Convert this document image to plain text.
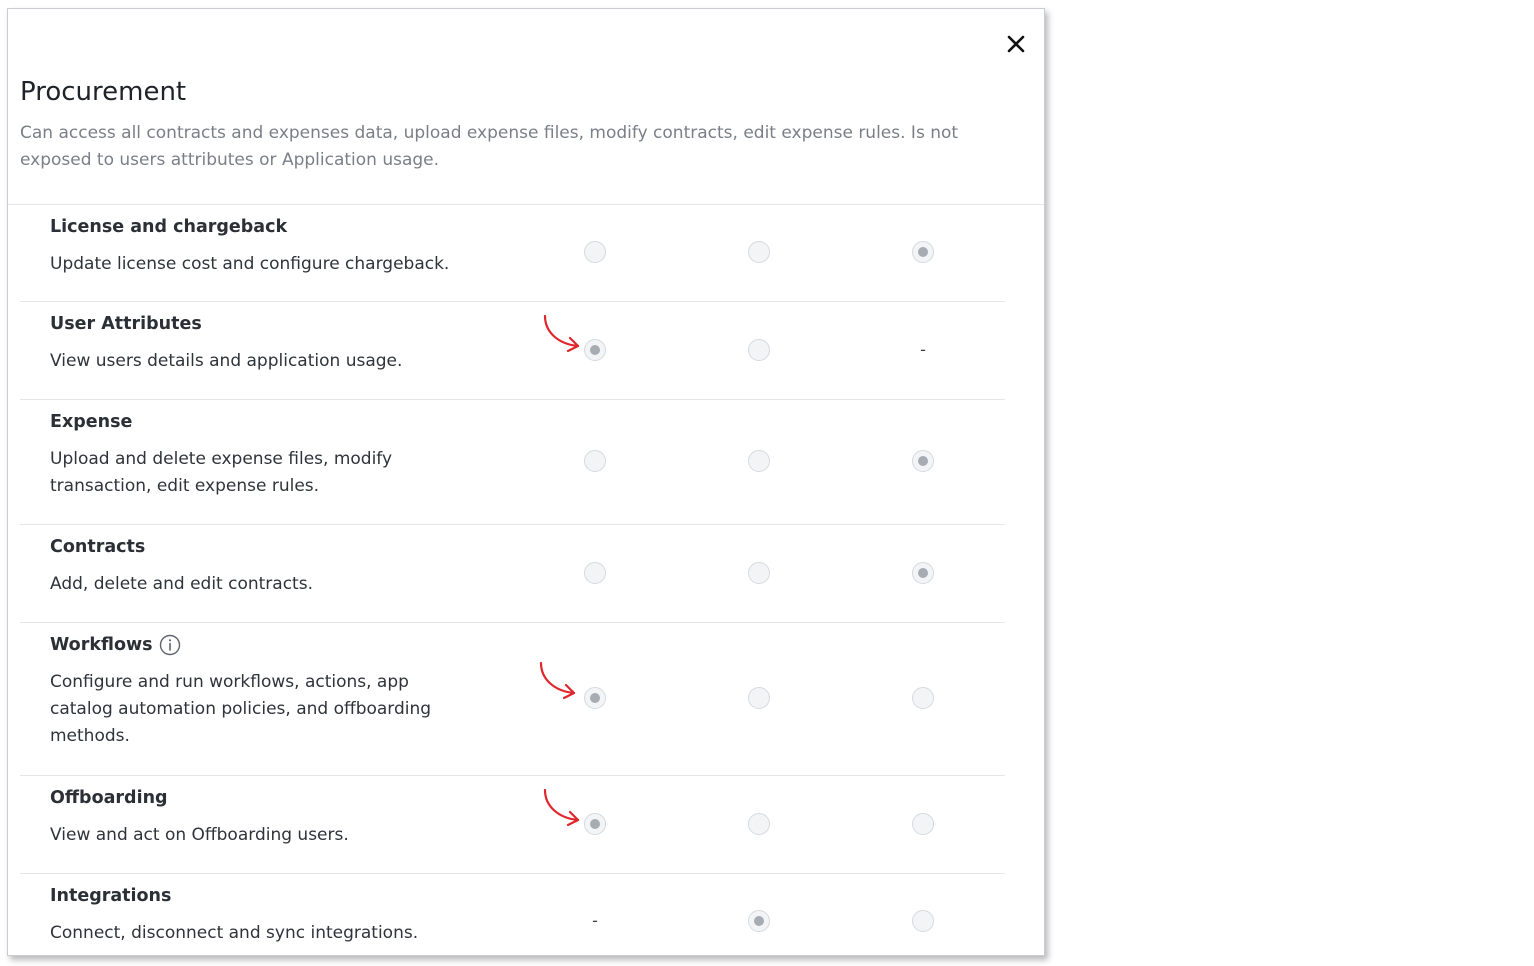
Procurement

Can access all contracts and expenses data, upload expense files, modify contracts, edit expense rules. Is not exposed to users attributes or Application usage.

License and chargeback
Update license cost and configure chargeback.
User Attributes
View users details and application usage.
-
Expense
Upload and delete expense files, modify transaction, edit expense rules.
Contracts
Add, delete and edit contracts.
Workflows
Configure and run workflows, actions, app catalog automation policies, and offboarding methods.
Offboarding
View and act on Offboarding users.
Integrations
Connect, disconnect and sync integrations.
-
